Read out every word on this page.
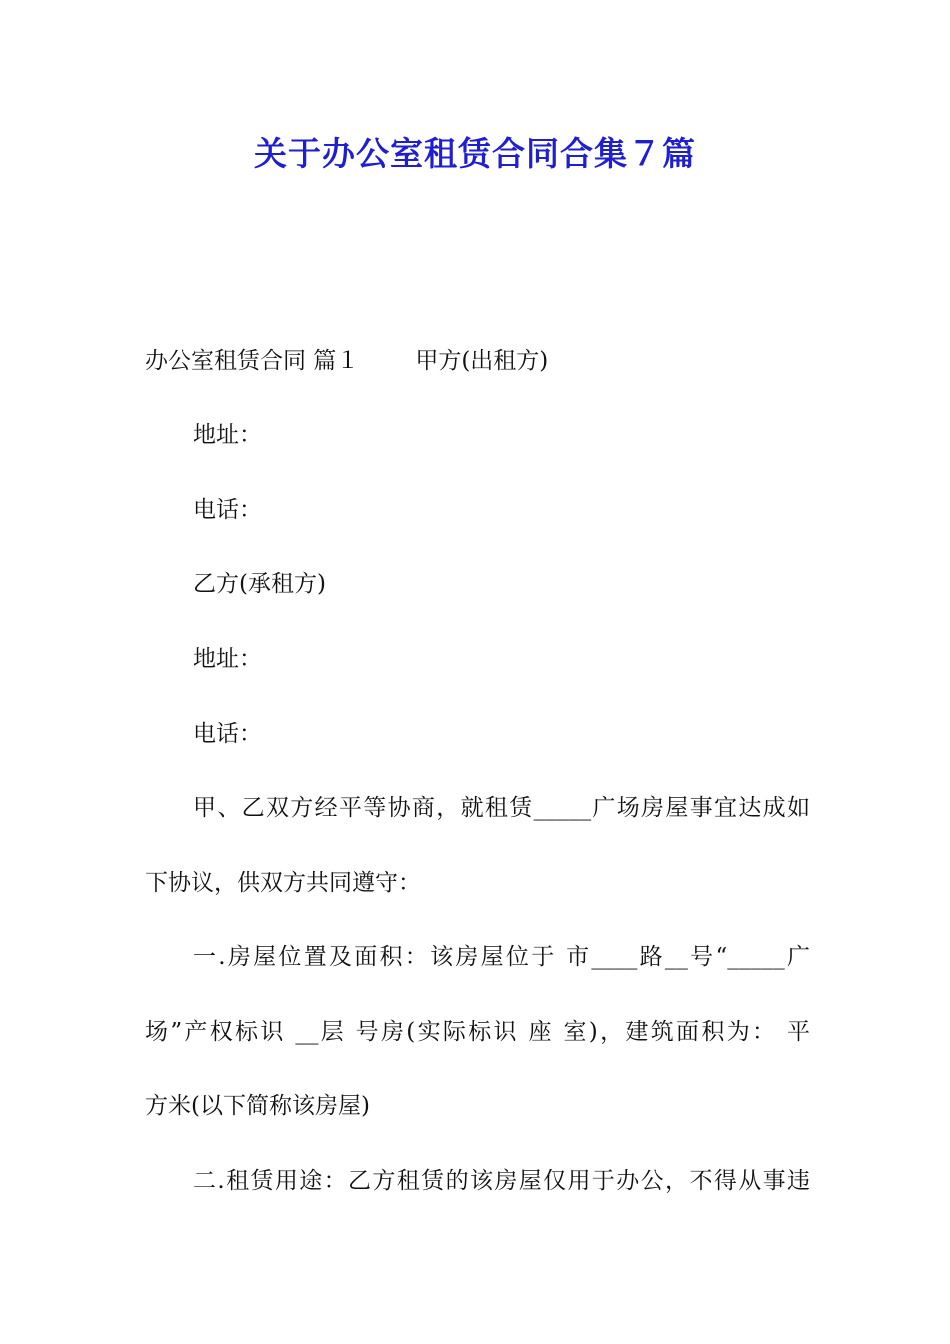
关于办公室租赁合同合集７篇

办公室租赁合同 篇１ 甲方(出租方)

地址：

电话：

乙方(承租方)

地址：

电话：

甲、乙双方经平等协商，就租赁_____广场房屋事宜达成如

下协议，供双方共同遵守：

一.房屋位置及面积：该房屋位于 市____路__号“_____广

场”产权标识 __层 号房(实际标识 座 室)，建筑面积为： 平

方米(以下简称该房屋)

二.租赁用途：乙方租赁的该房屋仅用于办公，不得从事违
